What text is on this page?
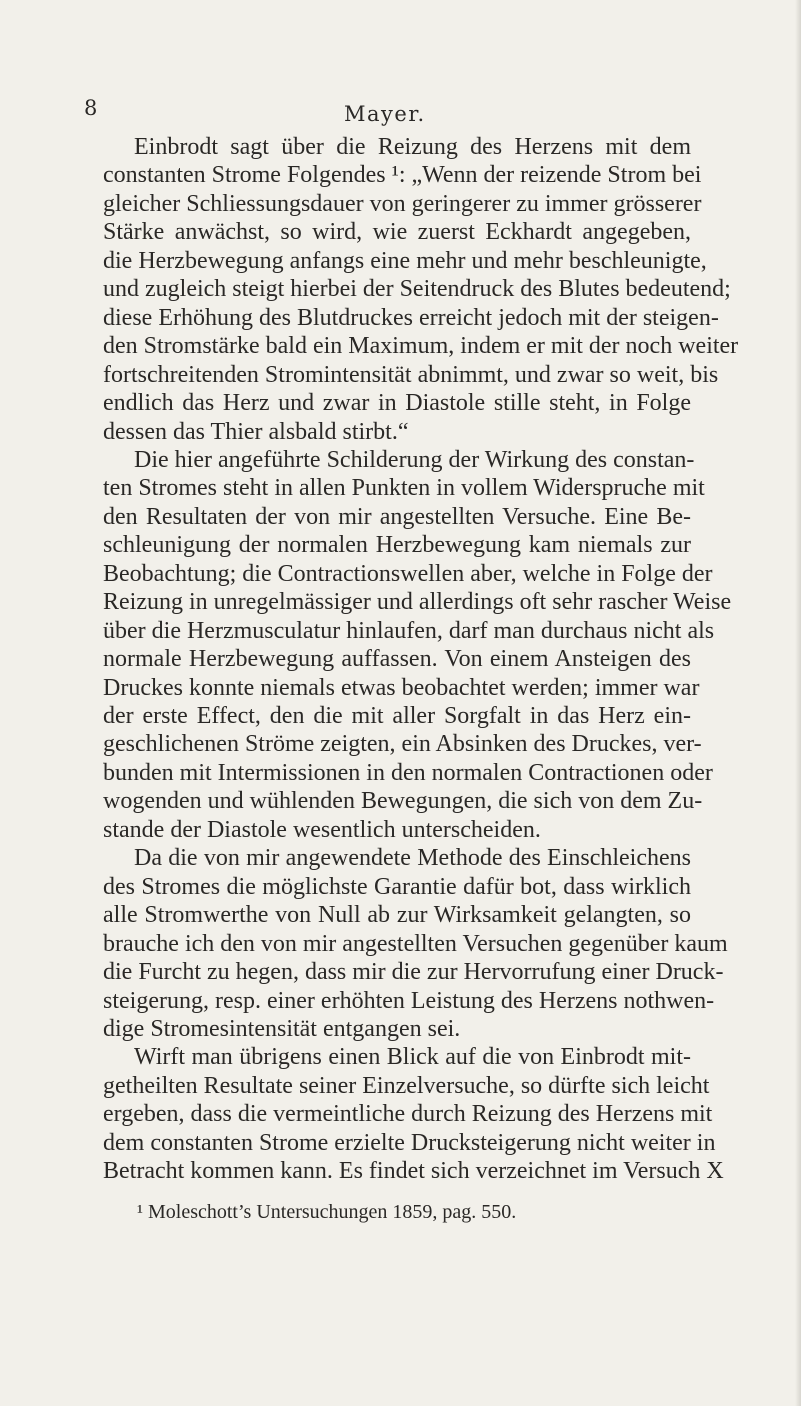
8	Mayer.
Einbrodt sagt über die Reizung des Herzens mit dem
constanten Strome Folgendes ¹: „Wenn der reizende Strom bei
gleicher Schliessungsdauer von geringerer zu immer grösserer
Stärke anwächst, so wird, wie zuerst Eckhardt angegeben,
die Herzbewegung anfangs eine mehr und mehr beschleunigte,
und zugleich steigt hierbei der Seitendruck des Blutes bedeutend;
diese Erhöhung des Blutdruckes erreicht jedoch mit der steigen-
den Stromstärke bald ein Maximum, indem er mit der noch weiter
fortschreitenden Stromintensität abnimmt, und zwar so weit, bis
endlich das Herz und zwar in Diastole stille steht, in Folge
dessen das Thier alsbald stirbt.“
Die hier angeführte Schilderung der Wirkung des constan-
ten Stromes steht in allen Punkten in vollem Widerspruche mit
den Resultaten der von mir angestellten Versuche. Eine Be-
schleunigung der normalen Herzbewegung kam niemals zur
Beobachtung; die Contractionswellen aber, welche in Folge der
Reizung in unregelmässiger und allerdings oft sehr rascher Weise
über die Herzmusculatur hinlaufen, darf man durchaus nicht als
normale Herzbewegung auffassen. Von einem Ansteigen des
Druckes konnte niemals etwas beobachtet werden; immer war
der erste Effect, den die mit aller Sorgfalt in das Herz ein-
geschlichenen Ströme zeigten, ein Absinken des Druckes, ver-
bunden mit Intermissionen in den normalen Contractionen oder
wogenden und wühlenden Bewegungen, die sich von dem Zu-
stande der Diastole wesentlich unterscheiden.
Da die von mir angewendete Methode des Einschleichens
des Stromes die möglichste Garantie dafür bot, dass wirklich
alle Stromwerthe von Null ab zur Wirksamkeit gelangten, so
brauche ich den von mir angestellten Versuchen gegenüber kaum
die Furcht zu hegen, dass mir die zur Hervorrufung einer Druck-
steigerung, resp. einer erhöhten Leistung des Herzens nothwen-
dige Stromesintensität entgangen sei.
Wirft man übrigens einen Blick auf die von Einbrodt mit-
getheilten Resultate seiner Einzelversuche, so dürfte sich leicht
ergeben, dass die vermeintliche durch Reizung des Herzens mit
dem constanten Strome erzielte Drucksteigerung nicht weiter in
Betracht kommen kann. Es findet sich verzeichnet im Versuch X
¹ Moleschott’s Untersuchungen 1859, pag. 550.
